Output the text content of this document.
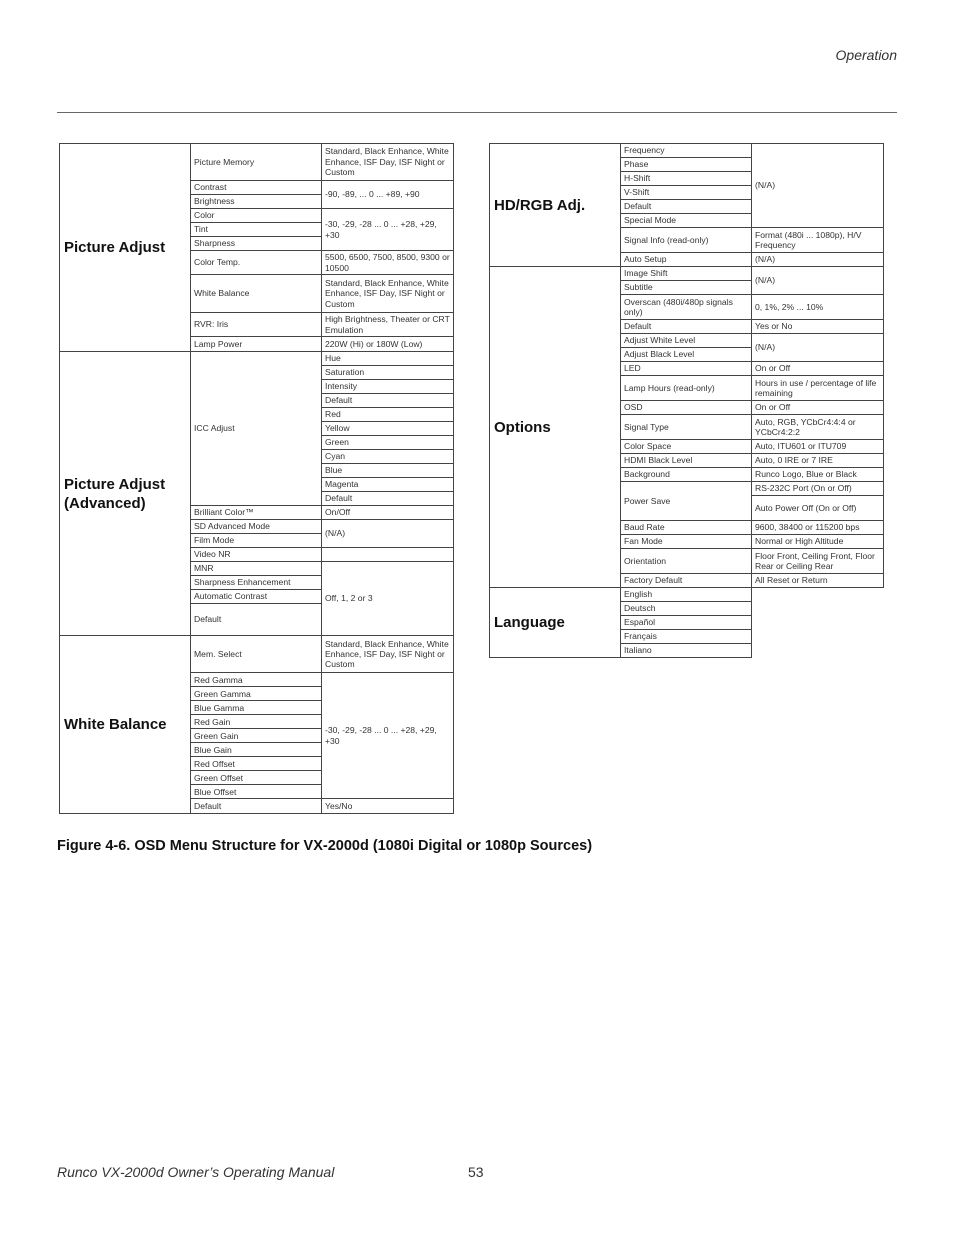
Operation
Picture Adjust	Picture Memory	Standard, Black Enhance, White Enhance, ISF Day, ISF Night or Custom	
	Contrast	-90, -89, ... 0 ... +89, +90	
	Brightness		
	Color	-30, -29, -28 ... 0 ... +28, +29, +30	
	Tint		
	Sharpness		
	Color Temp.	5500, 6500, 7500, 8500, 9300 or 10500	
	White Balance	Standard, Black Enhance, White Enhance, ISF Day, ISF Night or Custom	
	RVR: Iris	High Brightness, Theater or CRT Emulation	
	Lamp Power	220W (Hi) or 180W (Low)	
Picture Adjust (Advanced)	ICC Adjust	Hue	
		Saturation	
		Intensity	
		Default	
		Red	
		Yellow	
		Green	
		Cyan	
		Blue	
		Magenta	
		Default	
	Brilliant Color™	On/Off	
	SD Advanced Mode	(N/A)	
	Film Mode		
	Video NR		
	MNR	Off, 1, 2 or 3	
	Sharpness Enhancement		
	Automatic Contrast		
	Default	
White Balance	Mem. Select	Standard, Black Enhance, White Enhance, ISF Day, ISF Night or Custom	
	Red Gamma	-30, -29, -28 ... 0 ... +28, +29, +30	
	Green Gamma		
	Blue Gamma		
	Red Gain		
	Green Gain		
	Blue Gain		
	Red Offset		
	Green Offset		
	Blue Offset		
	Default	Yes/No	
HD/RGB Adj.	Frequency	(N/A)
	Phase	
	H-Shift	
	V-Shift	
	Default	
	Special Mode	
	Signal Info (read-only)	Format (480i ... 1080p), H/V Frequency
	Auto Setup	(N/A)
Options	Image Shift	(N/A)
	Subtitle	
	Overscan (480i/480p signals only)	0, 1%, 2% ... 10%
	Default	Yes or No
	Adjust White Level	(N/A)
	Adjust Black Level	
	LED	On or Off
	Lamp Hours (read-only)	Hours in use / percentage of life remaining
	OSD	On or Off
	Signal Type	Auto, RGB, YCbCr4:4:4 or YCbCr4:2:2
	Color Space	Auto, ITU601 or ITU709
	HDMI Black Level	Auto, 0 IRE or 7 IRE
	Background	Runco Logo, Blue or Black
	Power Save	RS-232C Port (On or Off)
		Auto Power Off (On or Off)
	Baud Rate	9600, 38400 or 115200 bps
	Fan Mode	Normal or High Altitude
	Orientation	Floor Front, Ceiling Front, Floor Rear or Ceiling Rear
	Factory Default	All Reset or Return
Language	English	
	Deutsch	
	Español	
	Français	
	Italiano	
Figure 4-6. OSD Menu Structure for VX-2000d (1080i Digital or 1080p Sources)
Runco VX-2000d Owner’s Operating Manual	53
